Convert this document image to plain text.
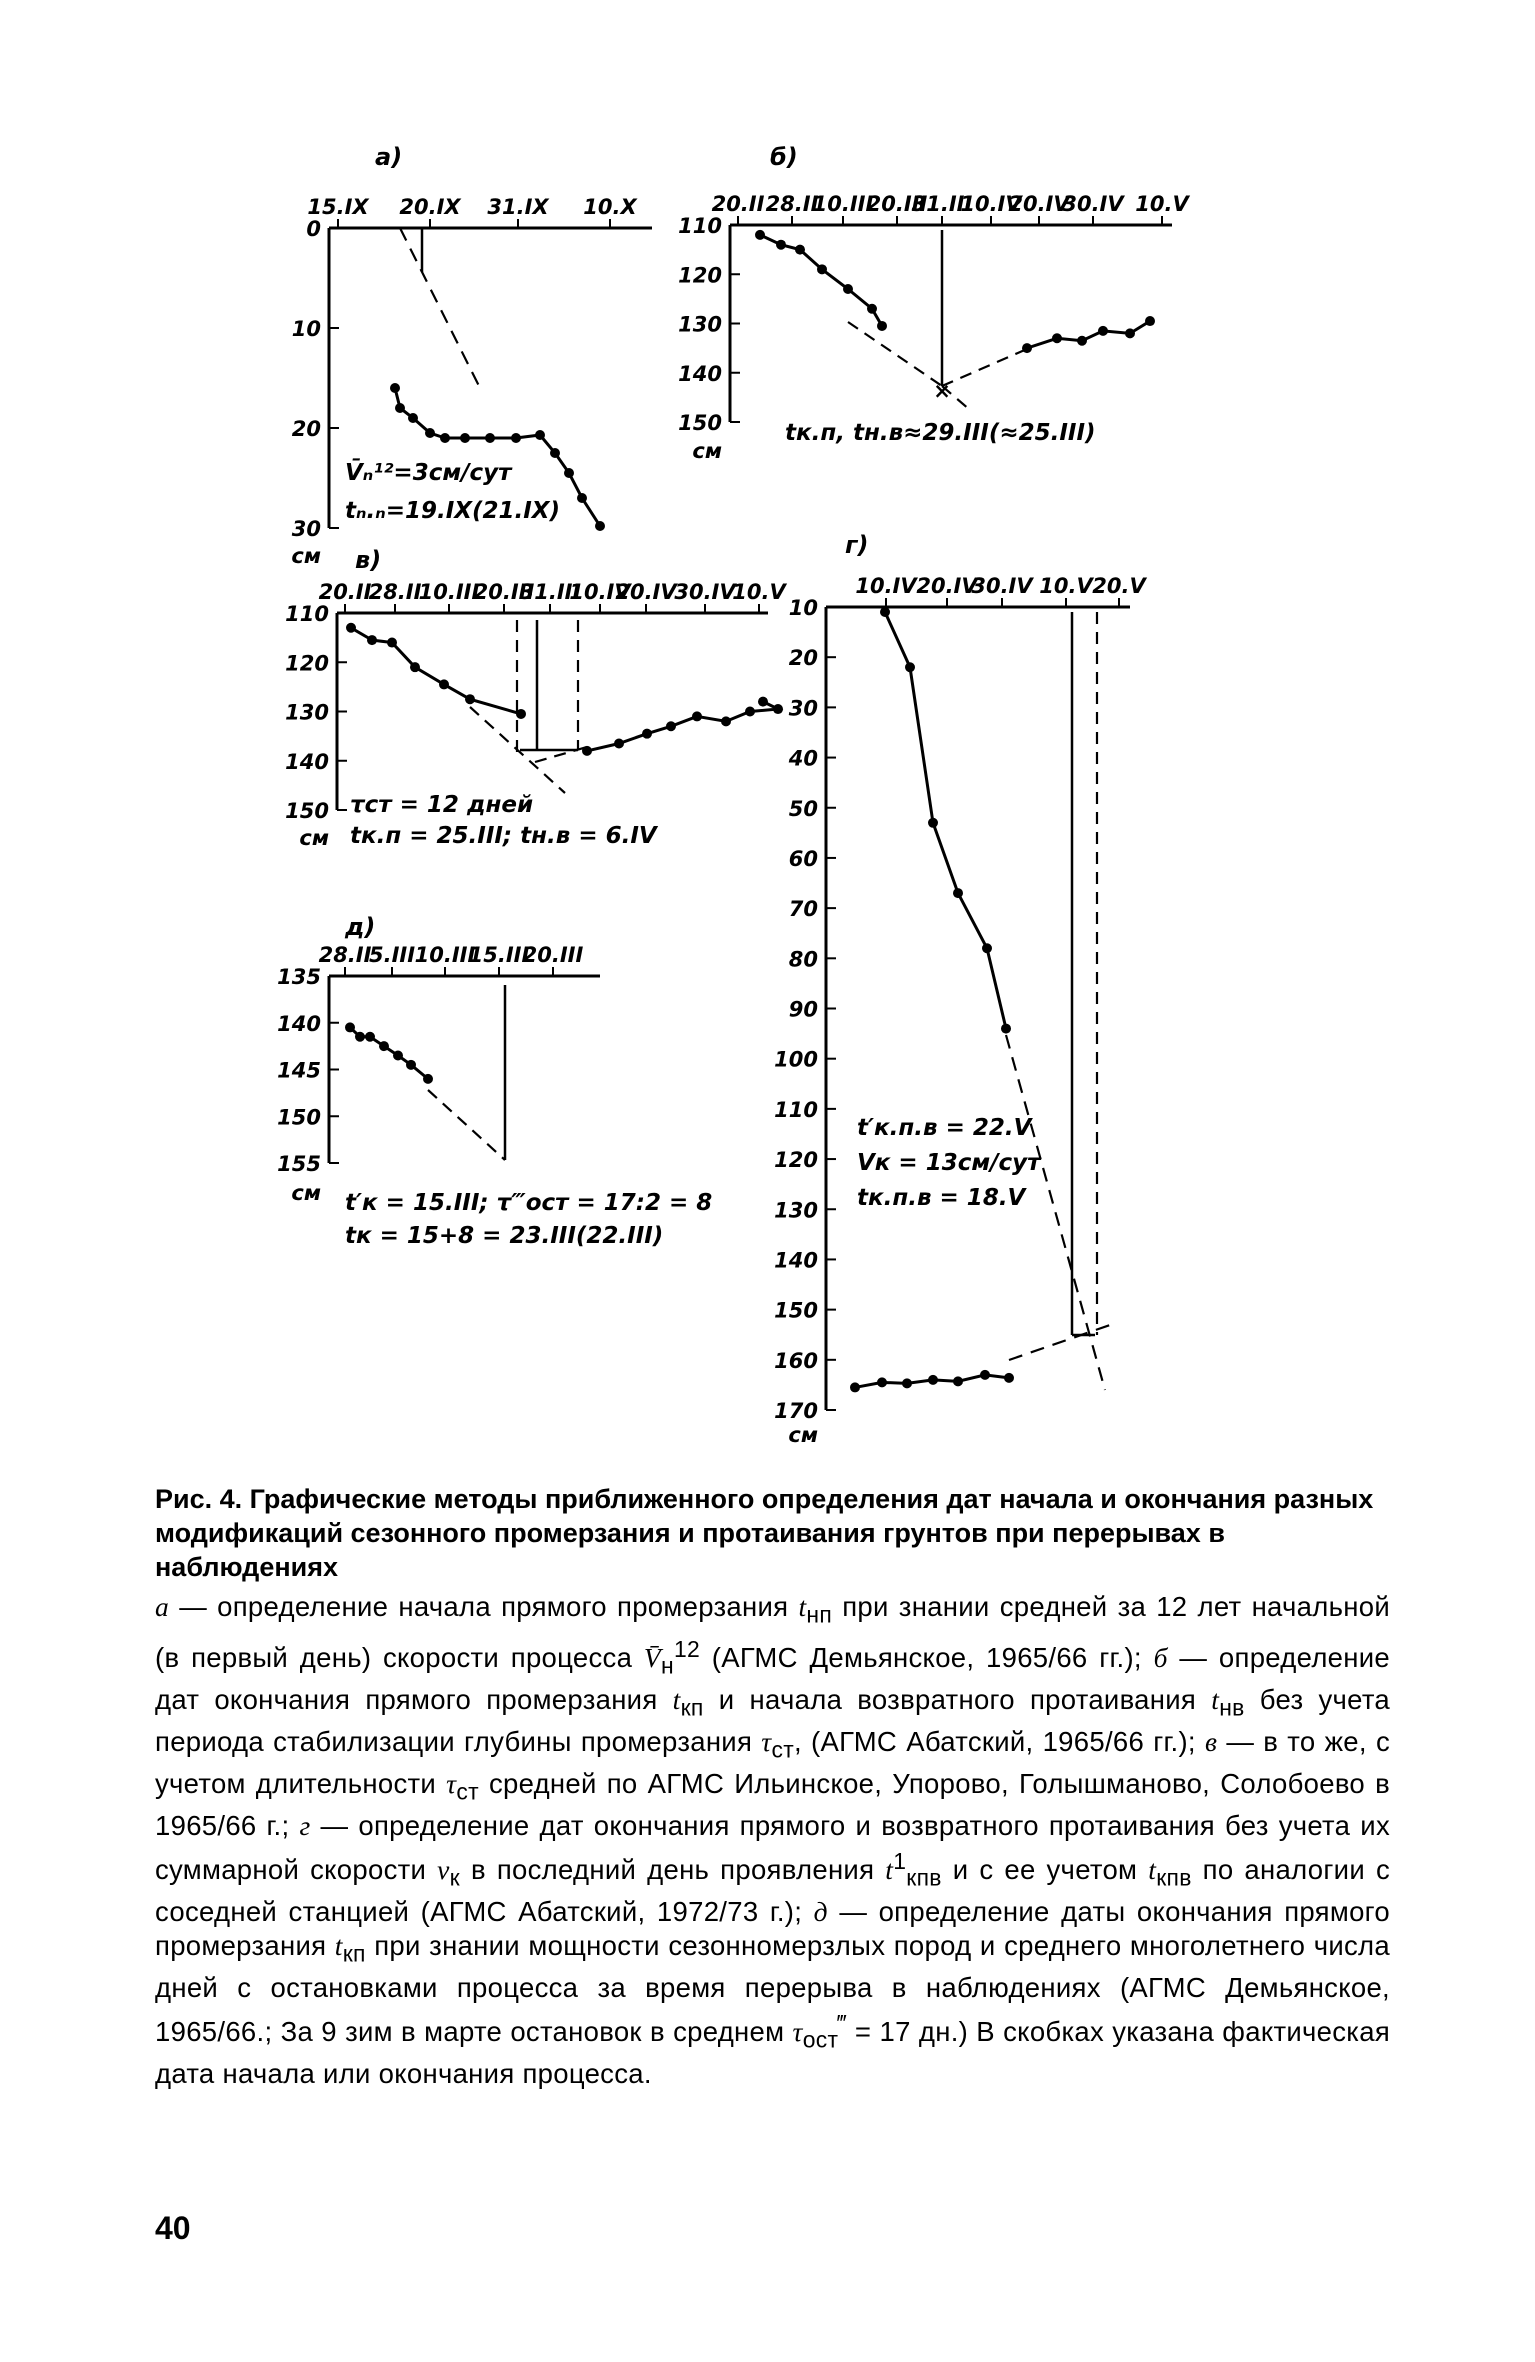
а)
15.IX 20.IX 31.IX 10.X
0
10
20
30
см
б)
20.II 28.II
10.III
20.III
31.III
10.IV
20.IV
30.IV 10.V
110
120
130
140
150
см
в)
20.II
28.II
10.III
20.III
31.III
10.IV
20.IV
30.IV
10.V
110
120
130
140
150
см
г)
10.IV 20.IV
30.IV 10.V 20.V
10
20
30
40
50
60
70
80
90
100
110
120
130
140
150
160
170
см
д)
28.II
5.III 10.III
15.III
20.III
135
140
145
150
155
см
×
V̄ₙ¹²=3см/сут
tₙ.ₙ=19.IX(21.IX)
tк.п, tн.в≈29.III(≈25.III)
τст = 12 дней
tк.п = 25.III; tн.в = 6.IV
t′к.п.в = 22.V
Vк = 13см/сут
tк.п.в = 18.V
t′к = 15.III; τ‴ост = 17:2 = 8
tк = 15+8 = 23.III(22.III)

Рис. 4. Графические методы приближенного определения дат начала и окончания разных модификаций сезонного промерзания и протаивания грунтов при перерывах в наблюдениях

а — определение начала прямого промерзания $t_{нп}$ при знании средней за 12 лет начальной (в первый день) скорости процесса $V̄_н^{12}$ (АГМС Демьянское, 1965/66 гг.); б — определение дат окончания прямого промерзания $t_{кп}$ и начала возвратного протаивания $t_{нв}$ без учета периода стабилизации глубины промерзания $\tau_{ст}$, (АГМС Абатский, 1965/66 гг.); в — в то же, с учетом длительности $\tau_{ст}$ средней по АГМС Ильинское, Упорово, Голышманово, Солобоево в 1965/66 г.; г — определение дат окончания прямого и возвратного протаивания без учета их суммарной скорости $v_к$ в последний день проявления $t^1_{кпв}$ и с ее учетом $t_{кпв}$ по аналогии с соседней станцией (АГМС Абатский, 1972/73 г.); д — определение даты окончания прямого промерзания $t_{кп}$ при знании мощности сезонномерзлых пород и среднего многолетнего числа дней с остановками процесса за время перерыва в наблюдениях (АГМС Демьянское, 1965/66.; За 9 зим в марте остановок в среднем $\tau_{ост}^‴ = 17$ дн.) В скобках указана фактическая дата начала или окончания процесса.

40
